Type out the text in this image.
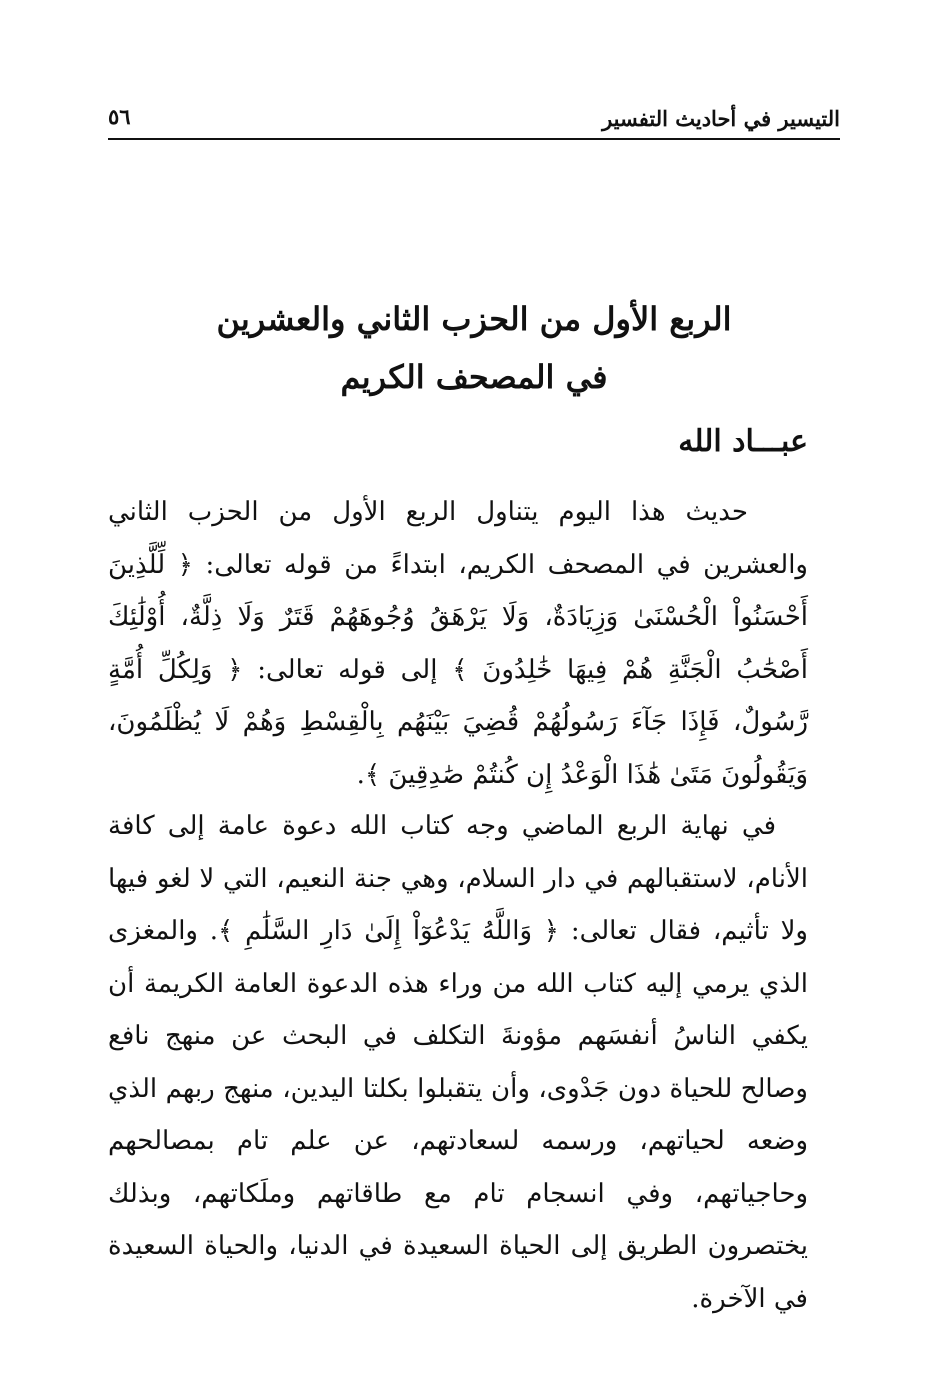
التيسير في أحاديث التفسير
٥٦
الربع الأول من الحزب الثاني والعشرين
في المصحف الكريم
عبـــاد الله

حديث هذا اليوم يتناول الربع الأول من الحزب الثاني والعشرين في المصحف الكريم، ابتداءً من قوله تعالى: ﴿ لِّلَّذِينَ أَحْسَنُواْ الْحُسْنَىٰ وَزِيَادَةٌ، وَلَا يَرْهَقُ وُجُوهَهُمْ قَتَرٌ وَلَا ذِلَّةٌ، أُوْلَٰئِكَ أَصْحَٰبُ الْجَنَّةِ هُمْ فِيهَا خَٰلِدُونَ ﴾ إلى قوله تعالى: ﴿ وَلِكُلِّ أُمَّةٍ رَّسُولٌ، فَإِذَا جَآءَ رَسُولُهُمْ قُضِيَ بَيْنَهُم بِالْقِسْطِ وَهُمْ لَا يُظْلَمُونَ، وَيَقُولُونَ مَتَىٰ هَٰذَا الْوَعْدُ إِن كُنتُمْ صَٰدِقِينَ ﴾.

في نهاية الربع الماضي وجه كتاب الله دعوة عامة إلى كافة الأنام، لاستقبالهم في دار السلام، وهي جنة النعيم، التي لا لغو فيها ولا تأثيم، فقال تعالى: ﴿ وَاللَّهُ يَدْعُوٓاْ إِلَىٰ دَارِ السَّلَٰمِ ﴾. والمغزى الذي يرمي إليه كتاب الله من وراء هذه الدعوة العامة الكريمة أن يكفي الناسُ أنفسَهم مؤونةَ التكلف في البحث عن منهج نافع وصالح للحياة دون جَدْوى، وأن يتقبلوا بكلتا اليدين، منهج ربهم الذي وضعه لحياتهم، ورسمه لسعادتهم، عن علم تام بمصالحهم وحاجياتهم، وفي انسجام تام مع طاقاتهم وملَكاتهم، وبذلك يختصرون الطريق إلى الحياة السعيدة في الدنيا، والحياة السعيدة في الآخرة.
